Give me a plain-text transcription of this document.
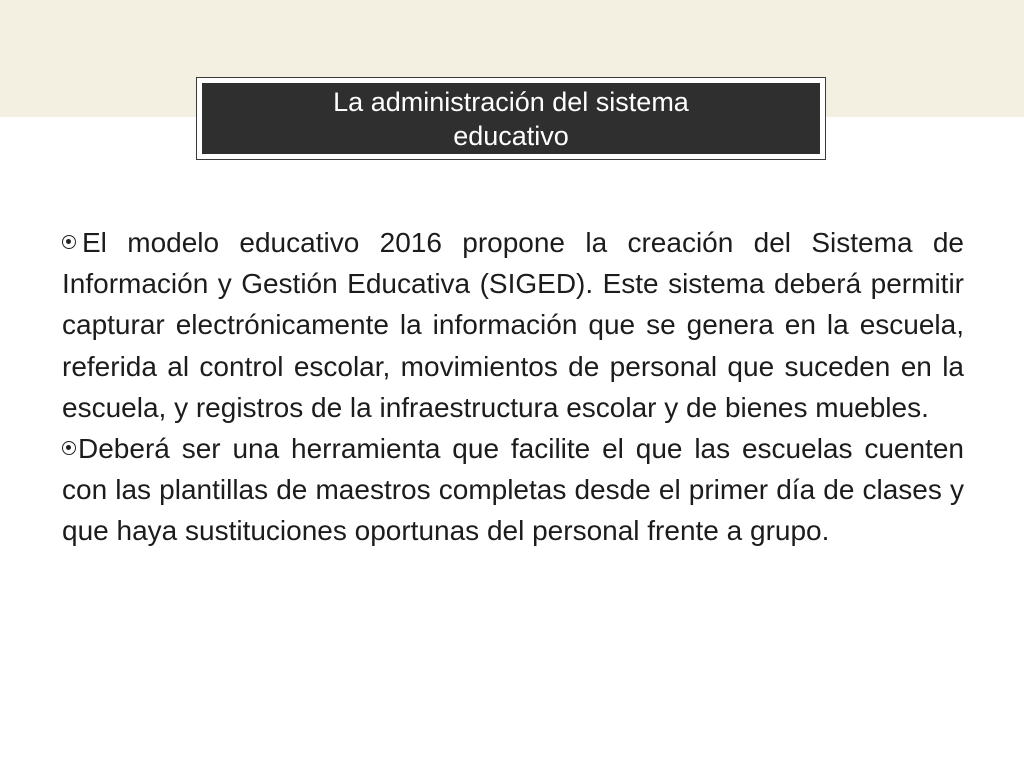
La administración del sistema educativo

El modelo educativo 2016 propone la creación del Sistema de Información y Gestión Educativa (SIGED). Este sistema deberá permitir capturar electrónicamente la información que se genera en la escuela, referida al control escolar, movimientos de personal que suceden en la escuela, y registros de la infraestructura escolar y de bienes muebles.

Deberá ser una herramienta que facilite el que las escuelas cuenten con las plantillas de maestros completas desde el primer día de clases y que haya sustituciones oportunas del personal frente a grupo.
